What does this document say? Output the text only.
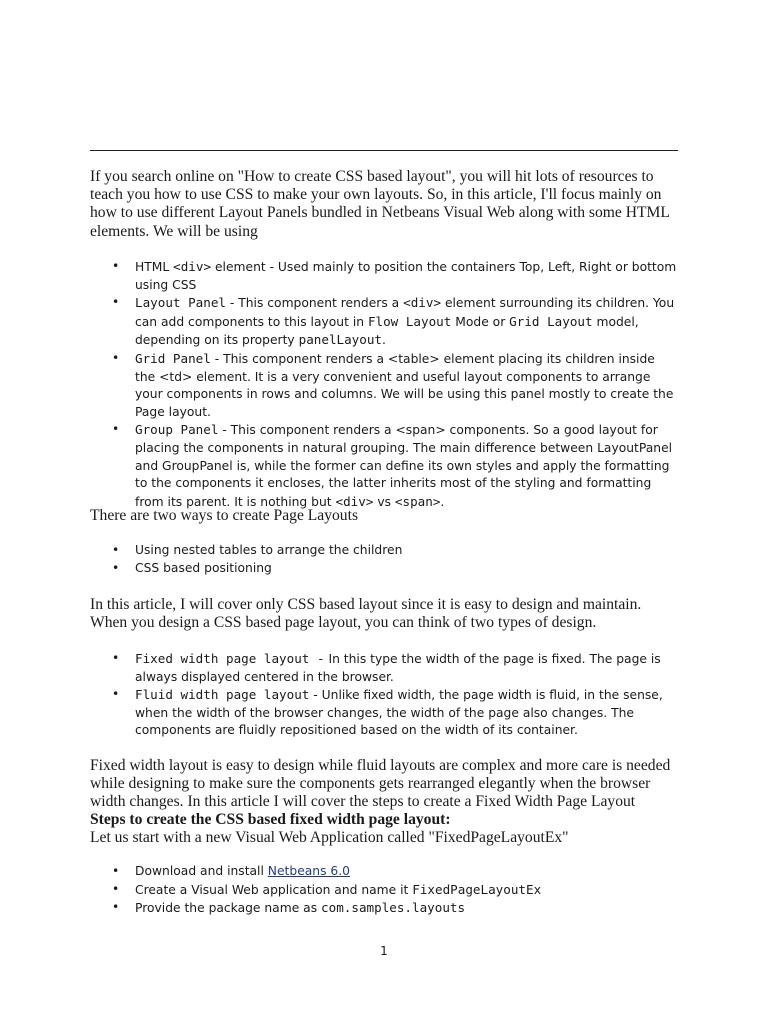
If you search online on "How to create CSS based layout", you will hit lots of resources to teach you how to use CSS to make your own layouts. So, in this article, I'll focus mainly on how to use different Layout Panels bundled in Netbeans Visual Web along with some HTML elements. We will be using

• HTML <div> element - Used mainly to position the containers Top, Left, Right or bottom using CSS
• Layout Panel - This component renders a <div> element surrounding its children. You can add components to this layout in Flow Layout Mode or Grid Layout model, depending on its property panelLayout.
• Grid Panel - This component renders a <table> element placing its children inside the <td> element. It is a very convenient and useful layout components to arrange your components in rows and columns. We will be using this panel mostly to create the Page layout.
• Group Panel - This component renders a <span> components. So a good layout for placing the components in natural grouping. The main difference between LayoutPanel and GroupPanel is, while the former can define its own styles and apply the formatting to the components it encloses, the latter inherits most of the styling and formatting from its parent. It is nothing but <div> vs <span>.

There are two ways to create Page Layouts

• Using nested tables to arrange the children
• CSS based positioning

In this article, I will cover only CSS based layout since it is easy to design and maintain. When you design a CSS based page layout, you can think of two types of design.

• Fixed width page layout - In this type the width of the page is fixed. The page is always displayed centered in the browser.
• Fluid width page layout - Unlike fixed width, the page width is fluid, in the sense, when the width of the browser changes, the width of the page also changes. The components are fluidly repositioned based on the width of its container.

Fixed width layout is easy to design while fluid layouts are complex and more care is needed while designing to make sure the components gets rearranged elegantly when the browser width changes. In this article I will cover the steps to create a Fixed Width Page Layout

Steps to create the CSS based fixed width page layout:

Let us start with a new Visual Web Application called "FixedPageLayoutEx"

• Download and install Netbeans 6.0
• Create a Visual Web application and name it FixedPageLayoutEx
• Provide the package name as com.samples.layouts
1
